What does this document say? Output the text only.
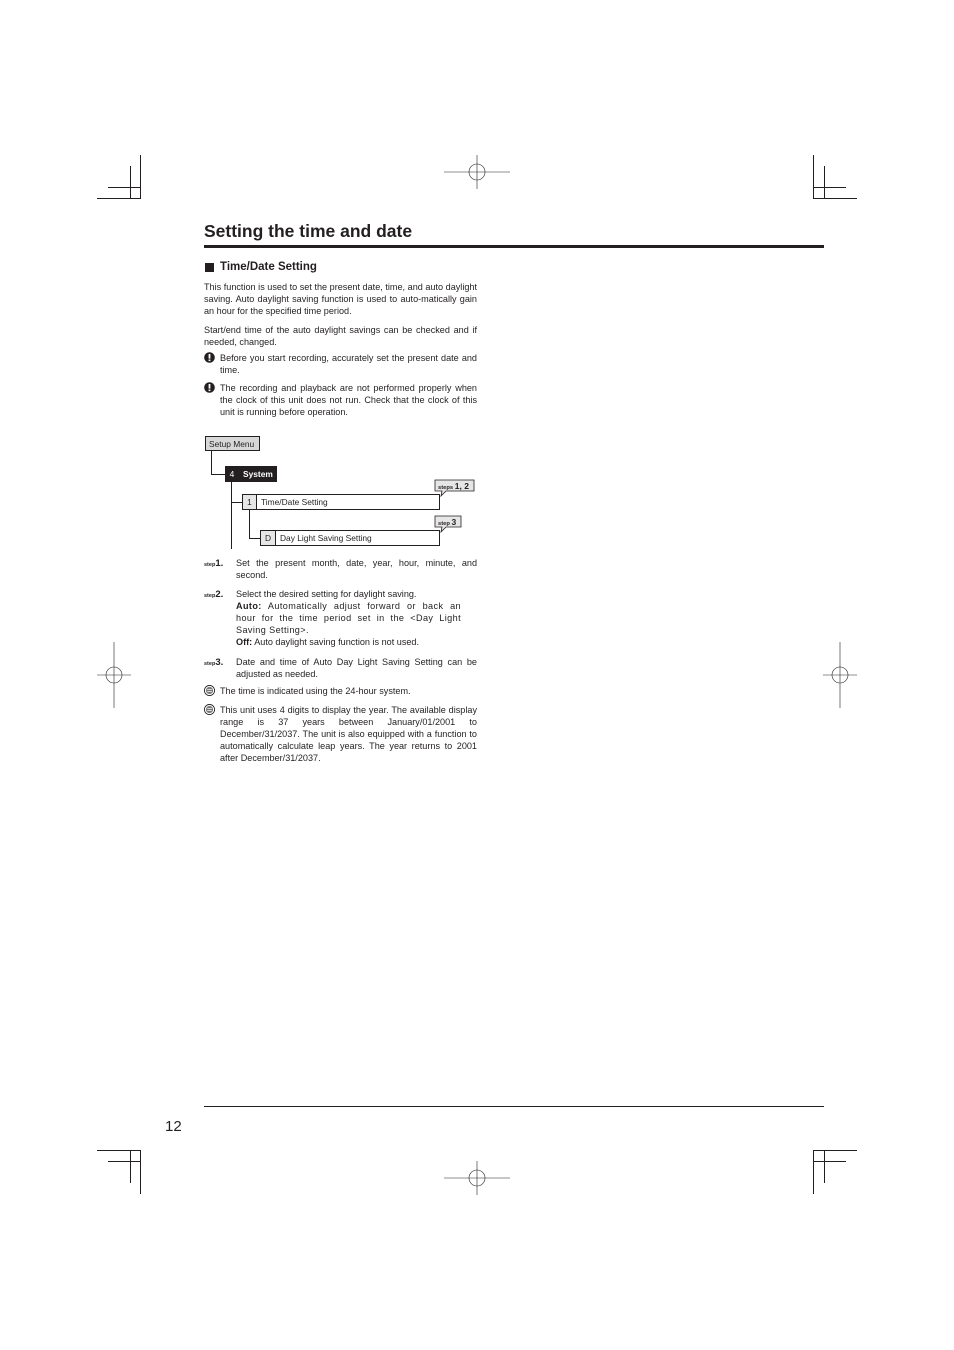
Setting the time and date
Time/Date Setting
This function is used to set the present date, time, and auto daylight saving. Auto daylight saving function is used to auto-matically gain an hour for the specified time period.
Start/end time of the auto daylight savings can be checked and if needed, changed.
Before you start recording, accurately set the present date and time.
The recording and playback are not performed properly when the clock of this unit does not run. Check that the clock of this unit is running before operation.
Setup Menu
4	System
1	Time/Date Setting
D	Day Light Saving Setting
steps 1, 2
step 3
step1. Set the present month, date, year, hour, minute, and second.
step2. Select the desired setting for daylight saving.
Auto: Automatically adjust forward or back an hour for the time period set in the <Day Light Saving Setting>.
Off: Auto daylight saving function is not used.
step3. Date and time of Auto Day Light Saving Setting can be adjusted as needed.
The time is indicated using the 24-hour system.
This unit uses 4 digits to display the year. The available display range is 37 years between January/01/2001 to December/31/2037. The unit is also equipped with a function to automatically calculate leap years. The year returns to 2001 after December/31/2037.
12
